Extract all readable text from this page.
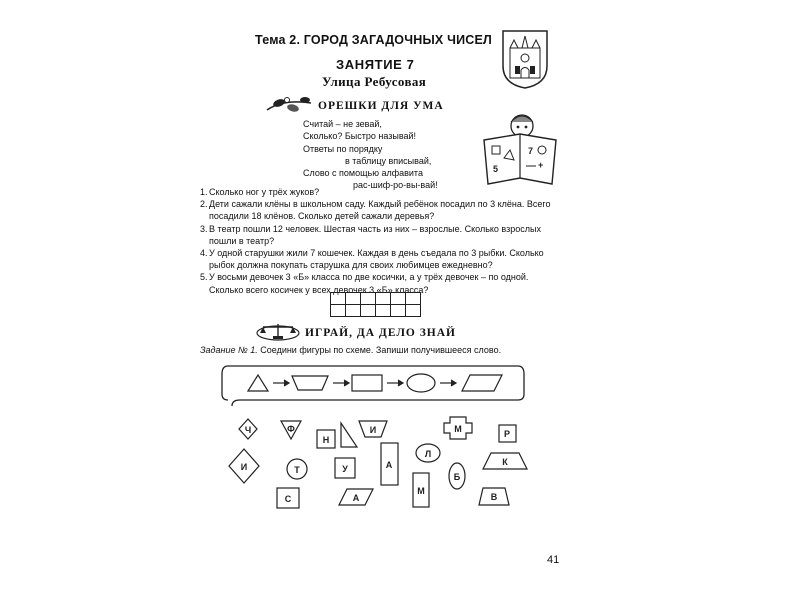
Тема 2. ГОРОД ЗАГАДОЧНЫХ ЧИСЕЛ
ЗАНЯТИЕ 7
Улица Ребусовая
ОРЕШКИ ДЛЯ УМА
Считай – не зевай,
Сколько? Быстро называй!
Ответы по порядку
в таблицу вписывай,
Слово с помощью алфавита
рас-шиф-ро-вы-вай!
5
7
+
1. Сколько ног у трёх жуков?
2. Дети сажали клёны в школьном саду. Каждый ребёнок посадил по 3 клёна. Всего посадили 18 клёнов. Сколько детей сажали деревья?
3. В театр пошли 12 человек. Шестая часть из них – взрослые. Сколько взрослых пошли в театр?
4. У одной старушки жили 7 кошечек. Каждая в день съедала по 3 рыбки. Сколько рыбок должна покупать старушка для своих любимцев ежедневно?
5. У восьми девочек 3 «Б» класса по две косички, а у трёх девочек – по одной. Сколько всего косичек у всех девочек 3 «Б» класса?
ИГРАЙ, ДА ДЕЛО ЗНАЙ
Задание № 1. Соедини фигуры по схеме. Запиши получившееся слово.
Ч	Ф
Н
И	М	Р
И	Т	У	А
Л
Б
К
С	А
М
В
41
